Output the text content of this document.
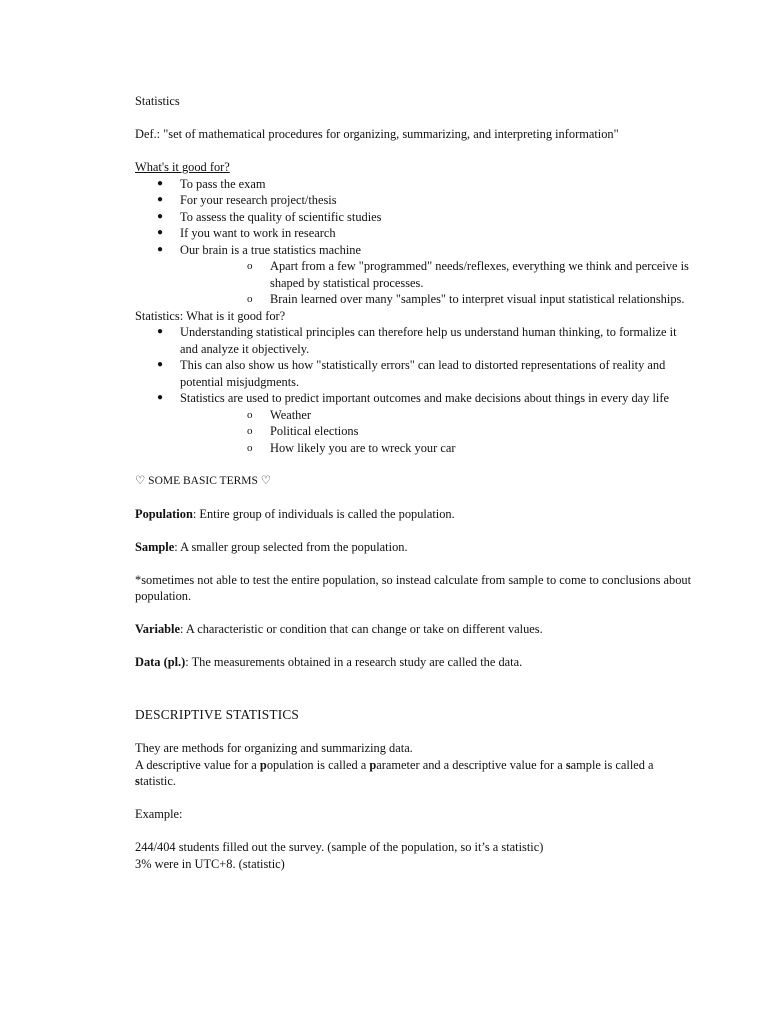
Statistics

Def.: "set of mathematical procedures for organizing, summarizing, and interpreting information"

What's it good for?

● To pass the exam
● For your research project/thesis
● To assess the quality of scientific studies
● If you want to work in research
● Our brain is a true statistics machine
o Apart from a few "programmed" needs/reflexes, everything we think and perceive is shaped by statistical processes.
o Brain learned over many "samples" to interpret visual input statistical relationships.

Statistics: What is it good for?

● Understanding statistical principles can therefore help us understand human thinking, to formalize it and analyze it objectively.
● This can also show us how "statistically errors" can lead to distorted representations of reality and potential misjudgments.
● Statistics are used to predict important outcomes and make decisions about things in every day life
o Weather
o Political elections
o How likely you are to wreck your car

♡ SOME BASIC TERMS ♡

Population: Entire group of individuals is called the population.

Sample: A smaller group selected from the population.

*sometimes not able to test the entire population, so instead calculate from sample to come to conclusions about population.

Variable: A characteristic or condition that can change or take on different values.

Data (pl.): The measurements obtained in a research study are called the data.

DESCRIPTIVE STATISTICS

They are methods for organizing and summarizing data.

A descriptive value for a population is called a parameter and a descriptive value for a sample is called a statistic.

Example:

244/404 students filled out the survey. (sample of the population, so it’s a statistic)

3% were in UTC+8. (statistic)
